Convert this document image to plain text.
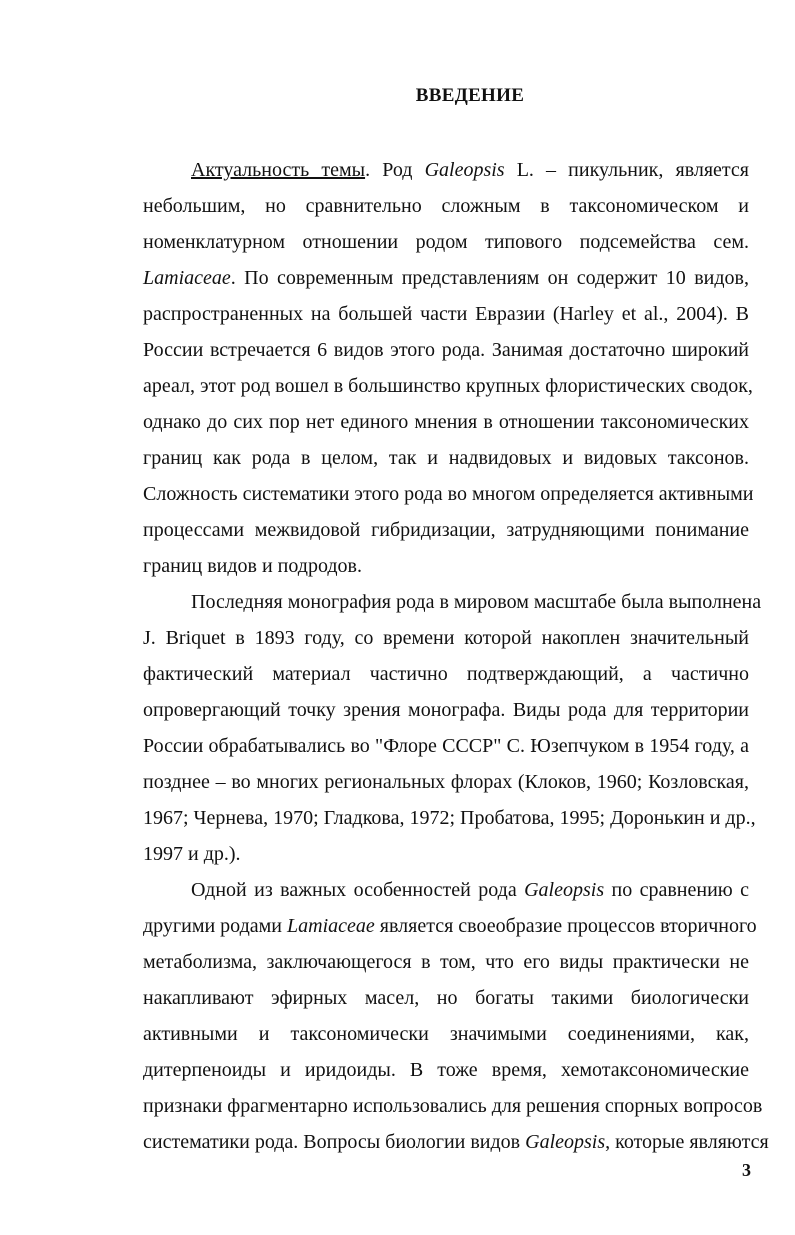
ВВЕДЕНИЕ
Актуальность темы. Род Galeopsis L. – пикульник, является
небольшим, но сравнительно сложным в таксономическом и
номенклатурном отношении родом типового подсемейства сем.
Lamiaceae. По современным представлениям он содержит 10 видов,
распространенных на большей части Евразии (Harley et al., 2004). В
России встречается 6 видов этого рода. Занимая достаточно широкий
ареал, этот род вошел в большинство крупных флористических сводок,
однако до сих пор нет единого мнения в отношении таксономических
границ как рода в целом, так и надвидовых и видовых таксонов.
Сложность систематики этого рода во многом определяется активными
процессами межвидовой гибридизации, затрудняющими понимание
границ видов и подродов.
Последняя монография рода в мировом масштабе была выполнена
J. Briquet в 1893 году, со времени которой накоплен значительный
фактический материал частично подтверждающий, а частично
опровергающий точку зрения монографа. Виды рода для территории
России обрабатывались во "Флоре СССР" С. Юзепчуком в 1954 году, а
позднее – во многих региональных флорах (Клоков, 1960; Козловская,
1967; Чернева, 1970; Гладкова, 1972; Пробатова, 1995; Доронькин и др.,
1997 и др.).
Одной из важных особенностей рода Galeopsis по сравнению с
другими родами Lamiaceae является своеобразие процессов вторичного
метаболизма, заключающегося в том, что его виды практически не
накапливают эфирных масел, но богаты такими биологически
активными и таксономически значимыми соединениями, как,
дитерпеноиды и иридоиды. В тоже время, хемотаксономические
признаки фрагментарно использовались для решения спорных вопросов
систематики рода. Вопросы биологии видов Galeopsis, которые являются
3
